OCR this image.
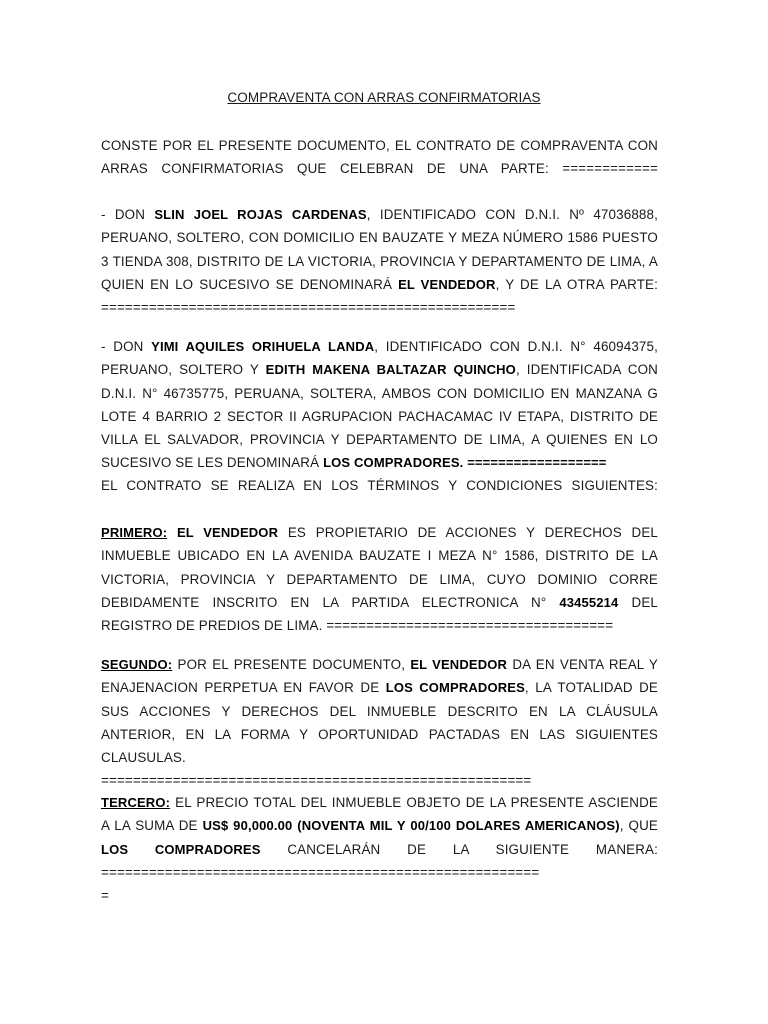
COMPRAVENTA CON ARRAS CONFIRMATORIAS
CONSTE POR EL PRESENTE DOCUMENTO, EL CONTRATO DE COMPRAVENTA CON ARRAS CONFIRMATORIAS QUE CELEBRAN DE UNA PARTE: ============
- DON SLIN JOEL ROJAS CARDENAS, IDENTIFICADO CON D.N.I. Nº 47036888, PERUANO, SOLTERO, CON DOMICILIO EN BAUZATE Y MEZA NÚMERO 1586 PUESTO 3 TIENDA 308, DISTRITO DE LA VICTORIA, PROVINCIA Y DEPARTAMENTO DE LIMA, A QUIEN EN LO SUCESIVO SE DENOMINARÁ EL VENDEDOR, Y DE LA OTRA PARTE:
====================================================
- DON YIMI AQUILES ORIHUELA LANDA, IDENTIFICADO CON D.N.I. N° 46094375, PERUANO, SOLTERO Y EDITH MAKENA BALTAZAR QUINCHO, IDENTIFICADA CON D.N.I. N° 46735775, PERUANA, SOLTERA, AMBOS CON DOMICILIO EN MANZANA G LOTE 4 BARRIO 2 SECTOR II AGRUPACION PACHACAMAC IV ETAPA, DISTRITO DE VILLA EL SALVADOR, PROVINCIA Y DEPARTAMENTO DE LIMA, A QUIENES EN LO SUCESIVO SE LES DENOMINARÁ LOS COMPRADORES. ==================
EL CONTRATO SE REALIZA EN LOS TÉRMINOS Y CONDICIONES SIGUIENTES:
PRIMERO: EL VENDEDOR ES PROPIETARIO DE ACCIONES Y DERECHOS DEL INMUEBLE UBICADO EN LA AVENIDA BAUZATE I MEZA N° 1586, DISTRITO DE LA VICTORIA, PROVINCIA Y DEPARTAMENTO DE LIMA, CUYO DOMINIO CORRE DEBIDAMENTE INSCRITO EN LA PARTIDA ELECTRONICA N° 43455214 DEL REGISTRO DE PREDIOS DE LIMA. ====================================
SEGUNDO: POR EL PRESENTE DOCUMENTO, EL VENDEDOR DA EN VENTA REAL Y ENAJENACION PERPETUA EN FAVOR DE LOS COMPRADORES, LA TOTALIDAD DE SUS ACCIONES Y DERECHOS DEL INMUEBLE DESCRITO EN LA CLÁUSULA ANTERIOR, EN LA FORMA Y OPORTUNIDAD PACTADAS EN LAS SIGUIENTES CLAUSULAS.
======================================================
TERCERO: EL PRECIO TOTAL DEL INMUEBLE OBJETO DE LA PRESENTE ASCIENDE A LA SUMA DE US$ 90,000.00 (NOVENTA MIL Y 00/100 DOLARES AMERICANOS), QUE LOS COMPRADORES CANCELARÁN DE LA SIGUIENTE MANERA:
=======================================================
=
